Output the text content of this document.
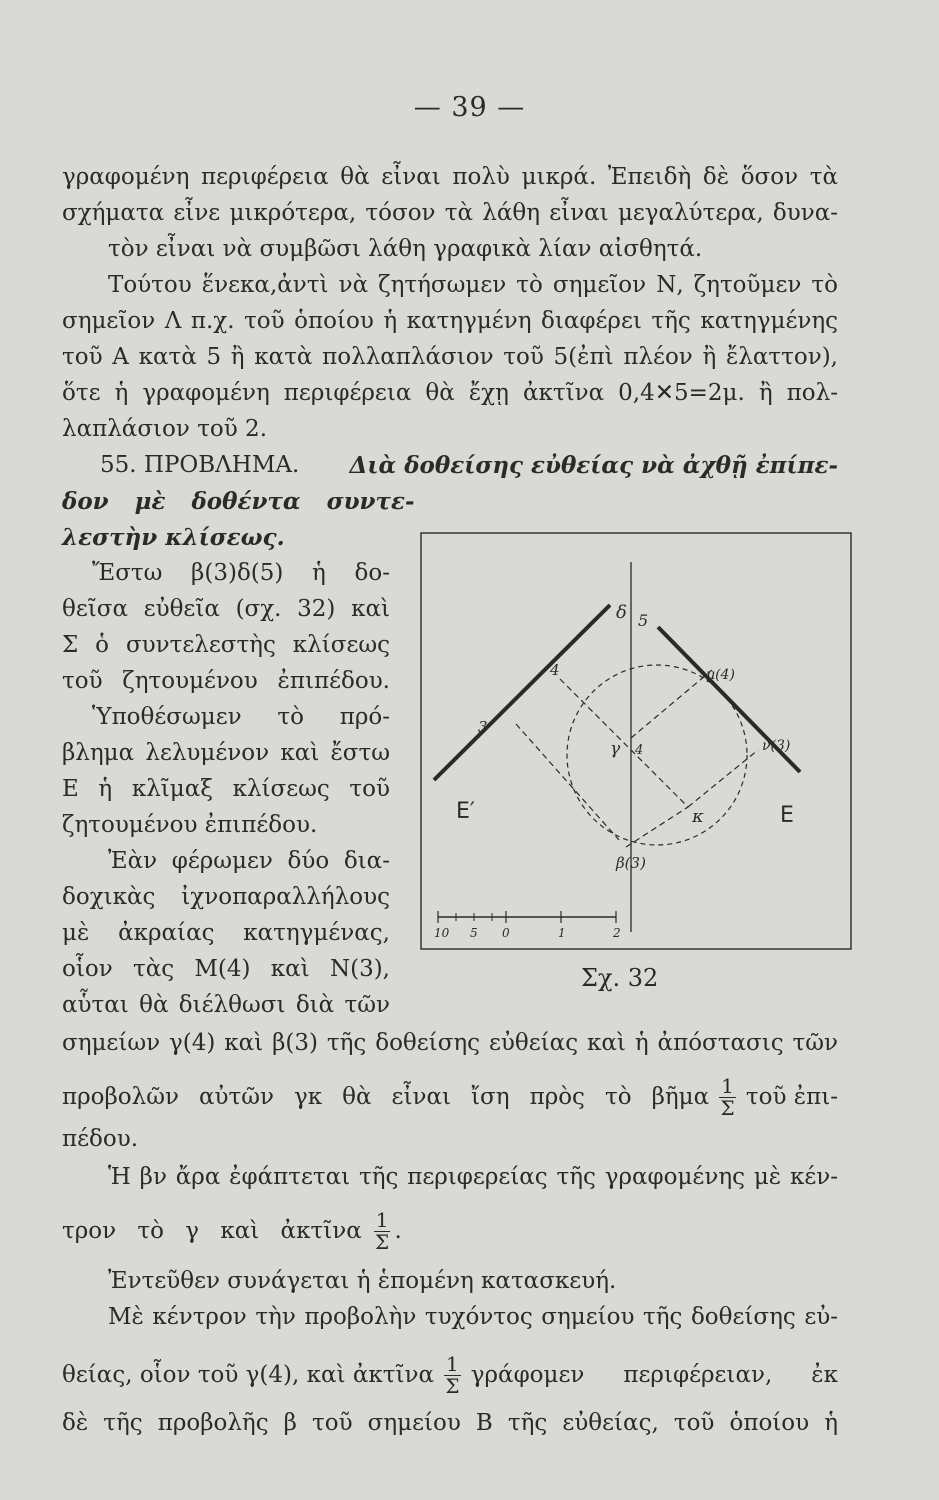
— 39 —
γραφομένη περιφέρεια θὰ εἶναι πολὺ μικρά. Ἐπειδὴ δὲ ὅσον τὰ
σχήματα εἶνε μικρότερα, τόσον τὰ λάθη εἶναι μεγαλύτερα, δυνα-
τὸν εἶναι νὰ συμβῶσι λάθη γραφικὰ λίαν αἰσθητά.
Τούτου ἕνεκα,ἀντὶ νὰ ζητήσωμεν τὸ σημεῖον Ν, ζητοῦμεν τὸ
σημεῖον Λ π.χ. τοῦ ὁποίου ἡ κατηγμένη διαφέρει τῆς κατηγμένης
τοῦ Α κατὰ 5 ἢ κατὰ πολλαπλάσιον τοῦ 5(ἐπὶ πλέον ἢ ἔλαττον),
ὅτε ἡ γραφομένη περιφέρεια θὰ ἔχῃ ἀκτῖνα 0,4✕5=2μ. ἢ πολ-
λαπλάσιον τοῦ 2.
55. ΠΡΟΒΛΗΜΑ. Διὰ δοθείσης εὐθείας νὰ ἀχθῇ ἐπίπε-
δον μὲ δοθέντα συντε-
λεστὴν κλίσεως.
Ἔστω β(3)δ(5) ἡ δο-
θεῖσα εὐθεῖα (σχ. 32) καὶ
Σ ὁ συντελεστὴς κλίσεως
τοῦ ζητουμένου ἐπιπέδου.
Ὑποθέσωμεν τὸ πρό-
βλημα λελυμένον καὶ ἔστω
Ε ἡ κλῖμαξ κλίσεως τοῦ
ζητουμένου ἐπιπέδου.
Ἐὰν φέρωμεν δύο δια-
δοχικὰς ἰχνοπαραλλήλους
μὲ ἀκραίας κατηγμένας,
οἷον τὰς Μ(4) καὶ Ν(3),
αὗται θὰ διέλθωσι διὰ τῶν
δ 5
4
3
μ(4)
ν(3)
γ 4
κ
β(3)
Ε′	Ε
10 5 0	1	2
Σχ. 32
σημείων γ(4) καὶ β(3) τῆς δοθείσης εὐθείας καὶ ἡ ἀπόστασις τῶν
προβολῶν αὐτῶν γκ θὰ εἶναι ἴση πρὸς τὸ βῆμα $\frac{1}{\Sigma}$ τοῦ ἐπι-
πέδου.
Ἡ βν ἄρα ἐφάπτεται τῆς περιφερείας τῆς γραφομένης μὲ κέν-
τρον τὸ γ καὶ ἀκτῖνα $\frac{1}{\Sigma}$ .
Ἐντεῦθεν συνάγεται ἡ ἑπομένη κατασκευή.
Μὲ κέντρον τὴν προβολὴν τυχόντος σημείου τῆς δοθείσης εὐ-
θείας, οἷον τοῦ γ(4), καὶ ἀκτῖνα $\frac{1}{\Sigma}$ γράφομεν περιφέρειαν, ἐκ
δὲ τῆς προβολῆς β τοῦ σημείου Β τῆς εὐθείας, τοῦ ὁποίου ἡ
